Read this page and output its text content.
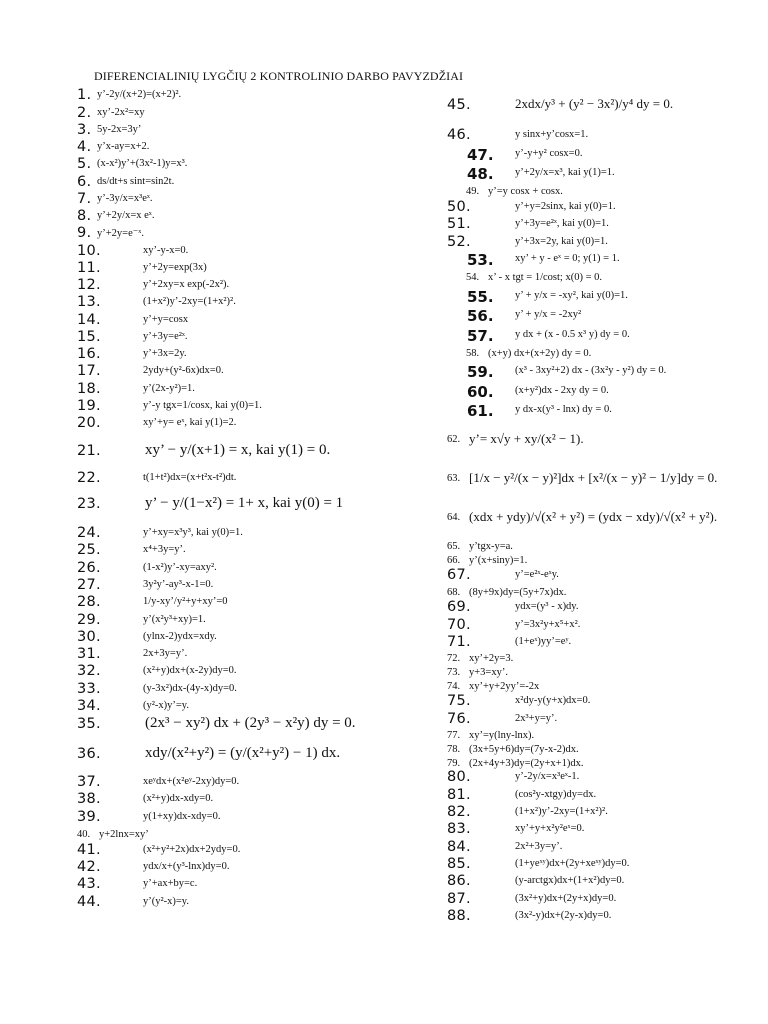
DIFERENCIALINIŲ LYGČIŲ 2 KONTROLINIO DARBO PAVYZDŽIAI
1. y’-2y/(x+2)=(x+2)².
2. xy’-2x²=xy
3. 5y-2x=3y’
4. y’x-ay=x+2.
5. (x-x²)y’+(3x²-1)y=x³.
6. ds/dt+s sint=sin2t.
7. y’-3y/x=x³eˣ.
8. y’+2y/x=x eˣ.
9. y’+2y=e⁻ˣ.
10.	xy’-y-x=0.
11.	y’+2y=exp(3x)
12.	y’+2xy=x exp(-2x²).
13.	(1+x²)y’-2xy=(1+x²)².
14.	y’+y=cosx
15.	y’+3y=e²ˣ.
16.	y’+3x=2y.
17.	2ydy+(y²-6x)dx=0.
18.	y’(2x-y²)=1.
19.	y’-y tgx=1/cosx, kai y(0)=1.
20.	xy’+y= eˣ, kai y(1)=2.
21.	xy’ − y/(x+1) = x, kai y(1) = 0.
22.	t(1+t²)dx=(x+t²x-t²)dt.
23.	y’ − y/(1−x²) = 1+ x, kai y(0) = 1
24.	y’+xy=x³y³, kai y(0)=1.
25.	x⁴+3y=y’.
26.	(1-x²)y’-xy=axy².
27.	3y²y’-ay³-x-1=0.
28.	1/y-xy’/y²+y+xy’=0
29.	y’(x²y³+xy)=1.
30.	(ylnx-2)ydx=xdy.
31.	2x+3y=y’.
32.	(x²+y)dx+(x-2y)dy=0.
33.	(y-3x²)dx-(4y-x)dy=0.
34.	(y²-x)y’=y.
35.	(2x³ − xy²) dx + (2y³ − x²y) dy = 0.
36.	xdy/(x²+y²) = (y/(x²+y²) − 1) dx.
37.	xeʸdx+(x²eʸ-2xy)dy=0.
38.	(x²+y)dx-xdy=0.
39.	y(1+xy)dx-xdy=0.
40. y+2lnx=xy’
41.	(x²+y²+2x)dx+2ydy=0.
42.	ydx/x+(y³-lnx)dy=0.
43.	y’+ax+by=c.
44.	y’(y²-x)=y.
45.	2xdx/y³ + (y² − 3x²)/y⁴ dy = 0.
46.	y sinx+y’cosx=1.
47. y’-y+y² cosx=0.
48. y’+2y/x=x³, kai y(1)=1.
49. y’=y cosx + cosx.
50.	y’+y=2sinx, kai y(0)=1.
51.	y’+3y=e²ˣ, kai y(0)=1.
52.	y’+3x=2y, kai y(0)=1.
53. xy’ + y - eˣ = 0; y(1) = 1.
54. x’ - x tgt = 1/cost; x(0) = 0.
55. y’ + y/x = -xy², kai y(0)=1.
56. y’ + y/x = -2xy²
57. y dx + (x - 0.5 x³ y) dy = 0.
58. (x+y) dx+(x+2y) dy = 0.
59. (x³ - 3xy²+2) dx - (3x²y - y²) dy = 0.
60. (x+y²)dx - 2xy dy = 0.
61. y dx-x(y³ - lnx) dy = 0.
62. y’= x√y + xy/(x² − 1).
63. [1/x − y²/(x − y)²]dx + [x²/(x − y)² − 1/y]dy = 0.
64. (xdx + ydy)/√(x² + y²) = (ydx − xdy)/√(x² + y²).
65. y’tgx-y=a.
66. y’(x+siny)=1.
67.	y’=e²ˣ-eˣy.
68. (8y+9x)dy=(5y+7x)dx.
69.	ydx=(y³ - x)dy.
70.	y’=3x²y+x⁵+x².
71.	(1+eˣ)yy’=eʸ.
72. xy’+2y=3.
73. y+3=xy’.
74. xy’+y+2yy’=-2x
75.	x²dy-y(y+x)dx=0.
76.	2x³+y=y’.
77. xy’=y(lny-lnx).
78. (3x+5y+6)dy=(7y-x-2)dx.
79. (2x+4y+3)dy=(2y+x+1)dx.
80.	y’-2y/x=x³eˣ-1.
81.	(cos²y-xtgy)dy=dx.
82.	(1+x²)y’-2xy=(1+x²)².
83.	xy’+y+x²y²eˣ=0.
84.	2x²+3y=y’.
85.	(1+yeˣʸ)dx+(2y+xeˣʸ)dy=0.
86.	(y-arctgx)dx+(1+x²)dy=0.
87.	(3x²+y)dx+(2y+x)dy=0.
88.	(3x²-y)dx+(2y-x)dy=0.
